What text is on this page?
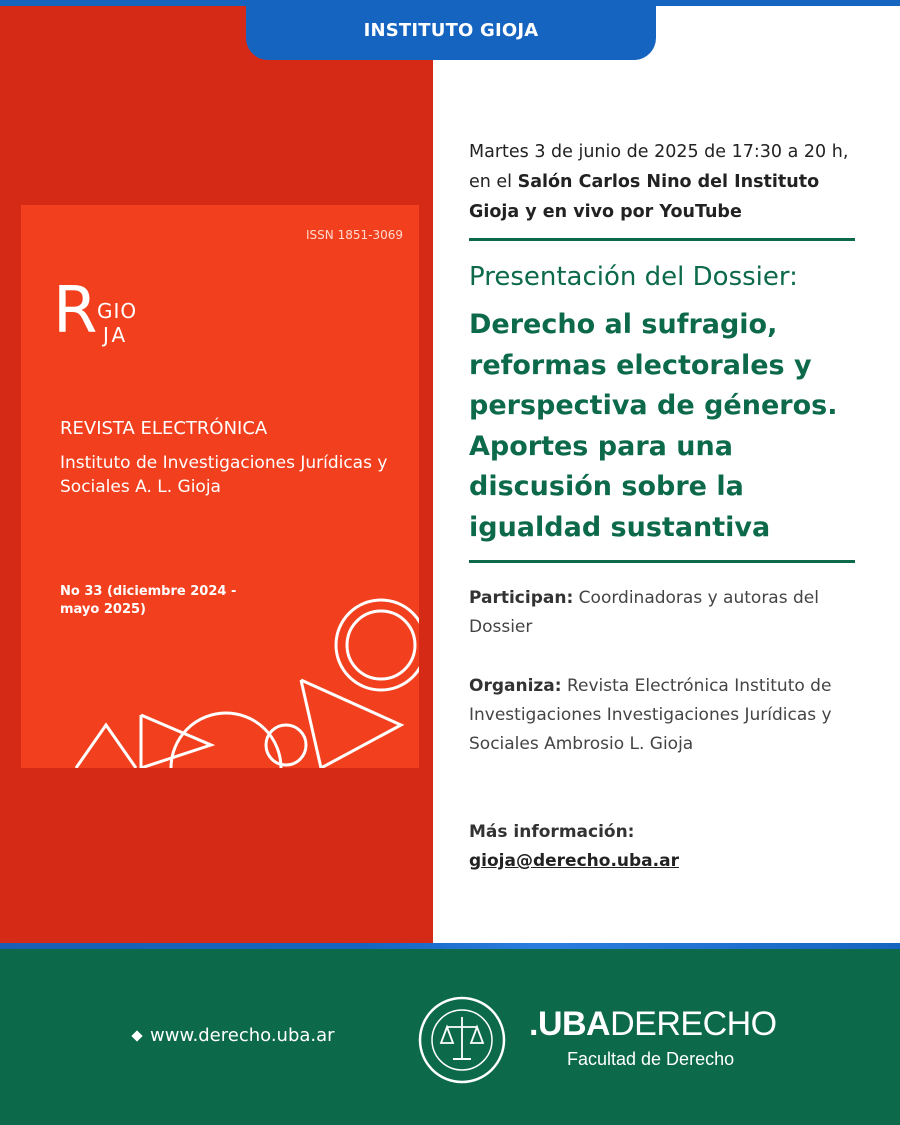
INSTITUTO GIOJA
ISSN 1851-3069
R GIO
JA
REVISTA ELECTRÓNICA
Instituto de Investigaciones Jurídicas y Sociales A. L. Gioja
No 33 (diciembre 2024 - mayo 2025)
Martes 3 de junio de 2025 de 17:30 a 20 h, en el Salón Carlos Nino del Instituto Gioja y en vivo por YouTube
Presentación del Dossier:
Derecho al sufragio, reformas electorales y perspectiva de géneros. Aportes para una discusión sobre la igualdad sustantiva
Participan: Coordinadoras y autoras del Dossier
Organiza: Revista Electrónica Instituto de Investigaciones Investigaciones Jurídicas y Sociales Ambrosio L. Gioja
Más información:
gioja@derecho.uba.ar
www.derecho.uba.ar	.UBADERECHO
Facultad de Derecho
